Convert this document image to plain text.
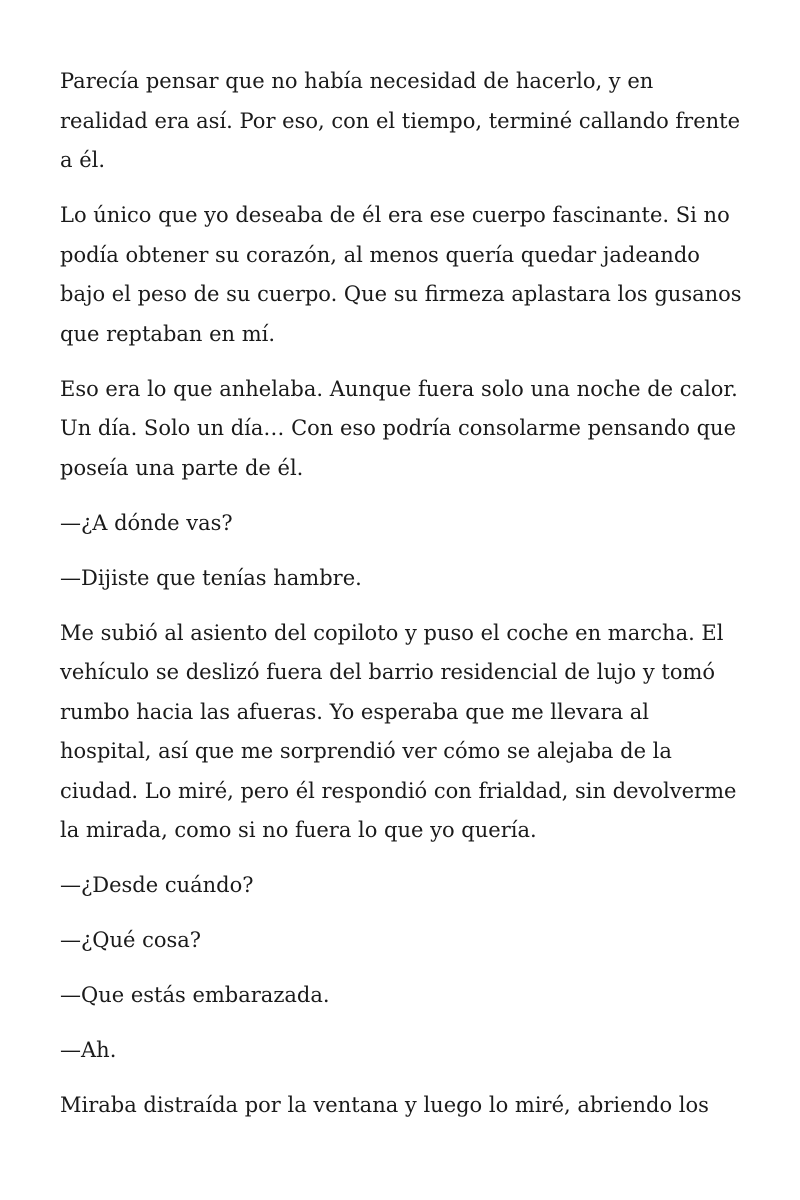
Parecía pensar que no había necesidad de hacerlo, y en realidad era así. Por eso, con el tiempo, terminé callando frente a él.

Lo único que yo deseaba de él era ese cuerpo fascinante. Si no podía obtener su corazón, al menos quería quedar jadeando bajo el peso de su cuerpo. Que su firmeza aplastara los gusanos que reptaban en mí.

Eso era lo que anhelaba. Aunque fuera solo una noche de calor. Un día. Solo un día… Con eso podría consolarme pensando que poseía una parte de él.

—¿A dónde vas?

—Dijiste que tenías hambre.

Me subió al asiento del copiloto y puso el coche en marcha. El vehículo se deslizó fuera del barrio residencial de lujo y tomó rumbo hacia las afueras. Yo esperaba que me llevara al hospital, así que me sorprendió ver cómo se alejaba de la ciudad. Lo miré, pero él respondió con frialdad, sin devolverme la mirada, como si no fuera lo que yo quería.

—¿Desde cuándo?

—¿Qué cosa?

—Que estás embarazada.

—Ah.

Miraba distraída por la ventana y luego lo miré, abriendo los
